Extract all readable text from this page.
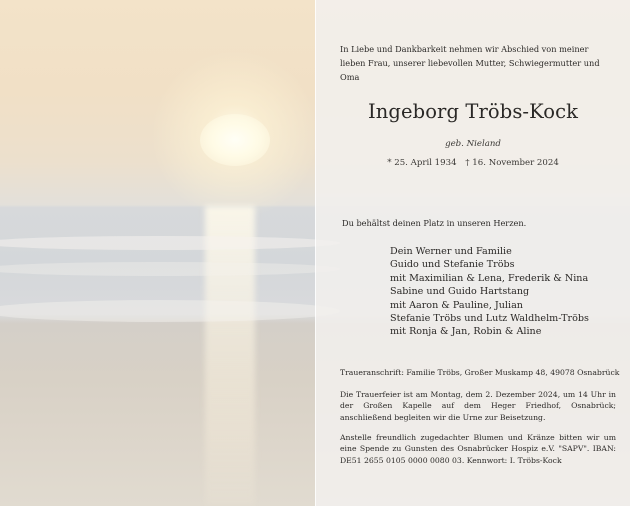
In Liebe und Dankbarkeit nehmen wir Abschied von meiner lieben Frau, unserer liebevollen Mutter, Schwiegermutter und Oma
Ingeborg Tröbs-Kock
geb. Nieland
* 25. April 1934 † 16. November 2024
Du behältst deinen Platz in unseren Herzen.
Dein Werner und Familie
Guido und Stefanie Tröbs
mit Maximilian & Lena, Frederik & Nina
Sabine und Guido Hartstang
mit Aaron & Pauline, Julian
Stefanie Tröbs und Lutz Waldhelm-Tröbs
mit Ronja & Jan, Robin & Aline
Traueranschrift: Familie Tröbs, Großer Muskamp 48, 49078 Osnabrück
Die Trauerfeier ist am Montag, dem 2. Dezember 2024, um 14 Uhr in der Großen Kapelle auf dem Heger Friedhof, Osnabrück; anschließend begleiten wir die Urne zur Beisetzung.
Anstelle freundlich zugedachter Blumen und Kränze bitten wir um eine Spende zu Gunsten des Osnabrücker Hospiz e.V. "SAPV". IBAN: DE51 2655 0105 0000 0080 03. Kennwort: I. Tröbs-Kock
